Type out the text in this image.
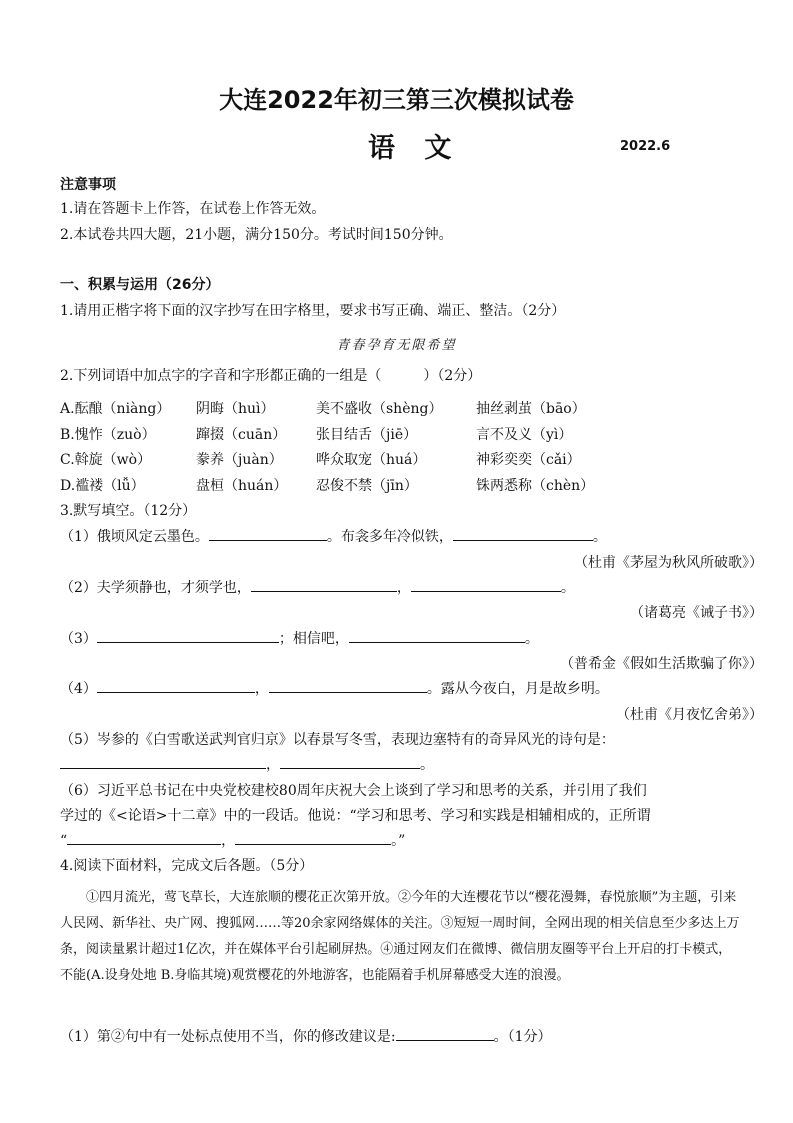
大连2022年初三第三次模拟试卷
语 文	2022.6
注意事项
1.请在答题卡上作答，在试卷上作答无效。
2.本试卷共四大题，21小题，满分150分。考试时间150分钟。
一、积累与运用（26分）
1.请用正楷字将下面的汉字抄写在田字格里，要求书写正确、端正、整洁。（2分）
青春孕育无限希望
2.下列词语中加点字的字音和字形都正确的一组是（　　　）（2分）
A.酝酿（niàng） 阴晦（huì）	美不盛收（shèng） 抽丝剥茧（bāo）
B.愧怍（zuò）	蹿掇（cuān） 张目结舌（jiē）	言不及义（yì）
C.斡旋（wò）	豢养（juàn） 哗众取宠（huá）	神彩奕奕（cǎi）
D.褴褛（lǚ）	盘桓（huán） 忍俊不禁（jīn）	铢两悉称（chèn）
3.默写填空。（12分）
（1）俄顷风定云墨色。	。布衾多年冷似铁，	。
（杜甫《茅屋为秋风所破歌》）
（2）夫学须静也，才须学也，	，	。
（诸葛亮《诫子书》）
（3）	；相信吧，	。
（普希金《假如生活欺骗了你》）
（4）	，	。露从今夜白，月是故乡明。
（杜甫《月夜忆舍弟》）
（5）岑参的《白雪歌送武判官归京》以春景写冬雪，表现边塞特有的奇异风光的诗句是：
，	。
（6）习近平总书记在中央党校建校80周年庆祝大会上谈到了学习和思考的关系，并引用了我们
学过的《<论语>十二章》中的一段话。他说：“学习和思考、学习和实践是相辅相成的，正所谓
“	，	。”
4.阅读下面材料，完成文后各题。（5分）
①四月流光，莺飞草长，大连旅顺的樱花正次第开放。②今年的大连樱花节以“樱花漫舞，春悦旅顺”为主题，引来人民网、新华社、央广网、搜狐网……等20余家网络媒体的关注。③短短一周时间，全网出现的相关信息至少多达上万条，阅读量累计超过1亿次，并在媒体平台引起刷屏热。④通过网友们在微博、微信朋友圈等平台上开启的打卡模式，不能(A.设身处地 B.身临其境)观赏樱花的外地游客，也能隔着手机屏幕感受大连的浪漫。
（1）第②句中有一处标点使用不当，你的修改建议是:	。（1分）
